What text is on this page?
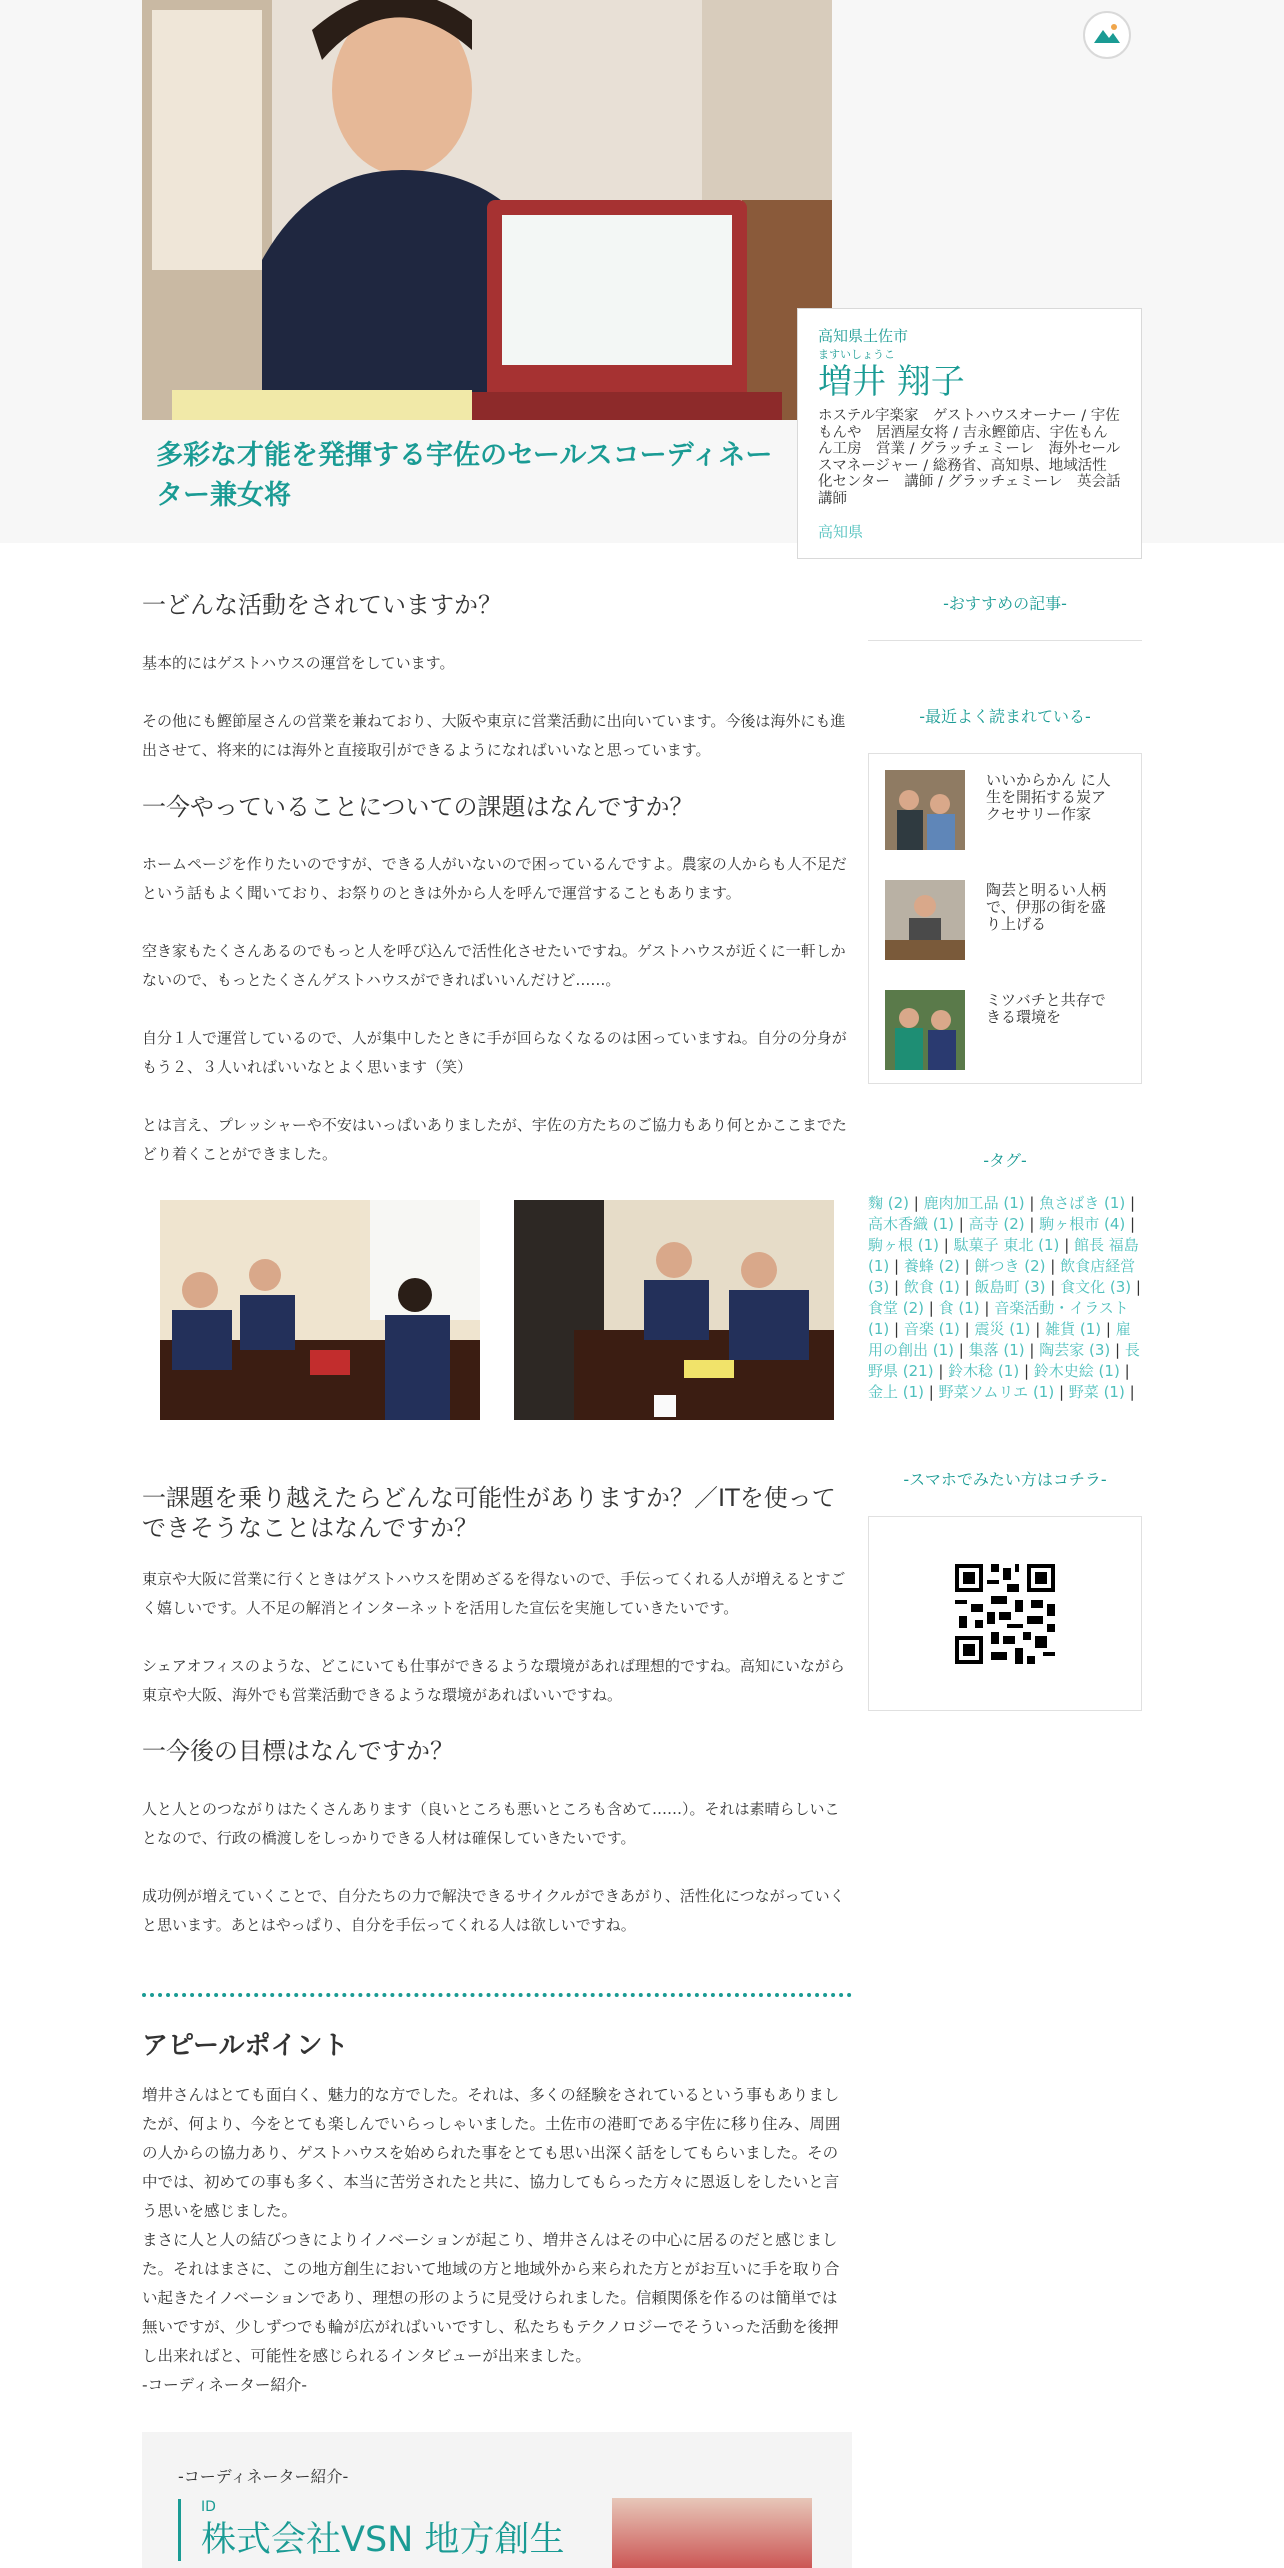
多彩な才能を発揮する宇佐のセールスコーディネーター兼女将
高知県土佐市
ますいしょうこ
増井 翔子
ホステル宇楽家　ゲストハウスオーナー / 宇佐もんや　居酒屋女将 / 吉永鰹節店、宇佐もんん工房　営業 / グラッチェミーレ　海外セールスマネージャー / 総務省、高知県、地域活性化センター　講師 / グラッチェミーレ　英会話講師
高知県
一どんな活動をされていますか？

基本的にはゲストハウスの運営をしています。

その他にも鰹節屋さんの営業を兼ねており、大阪や東京に営業活動に出向いています。今後は海外にも進出させて、将来的には海外と直接取引ができるようになればいいなと思っています。

一今やっていることについての課題はなんですか？

ホームページを作りたいのですが、できる人がいないので困っているんですよ。農家の人からも人不足だという話もよく聞いており、お祭りのときは外から人を呼んで運営することもあります。

空き家もたくさんあるのでもっと人を呼び込んで活性化させたいですね。ゲストハウスが近くに一軒しかないので、もっとたくさんゲストハウスができればいいんだけど……。

自分１人で運営しているので、人が集中したときに手が回らなくなるのは困っていますね。自分の分身がもう２、３人いればいいなとよく思います（笑）

とは言え、プレッシャーや不安はいっぱいありましたが、宇佐の方たちのご協力もあり何とかここまでたどり着くことができました。

一課題を乗り越えたらどんな可能性がありますか？／ITを使ってできそうなことはなんですか？

東京や大阪に営業に行くときはゲストハウスを閉めざるを得ないので、手伝ってくれる人が増えるとすごく嬉しいです。人不足の解消とインターネットを活用した宣伝を実施していきたいです。

シェアオフィスのような、どこにいても仕事ができるような環境があれば理想的ですね。高知にいながら東京や大阪、海外でも営業活動できるような環境があればいいですね。

一今後の目標はなんですか？

人と人とのつながりはたくさんあります（良いところも悪いところも含めて……）。それは素晴らしいことなので、行政の橋渡しをしっかりできる人材は確保していきたいです。

成功例が増えていくことで、自分たちの力で解決できるサイクルができあがり、活性化につながっていくと思います。あとはやっぱり、自分を手伝ってくれる人は欲しいですね。

アピールポイント

増井さんはとても面白く、魅力的な方でした。それは、多くの経験をされているという事もありましたが、何より、今をとても楽しんでいらっしゃいました。土佐市の港町である宇佐に移り住み、周囲の人からの協力あり、ゲストハウスを始められた事をとても思い出深く話をしてもらいました。その中では、初めての事も多く、本当に苦労されたと共に、協力してもらった方々に恩返しをしたいと言う思いを感じました。
まさに人と人の結びつきによりイノベーションが起こり、増井さんはその中心に居るのだと感じました。それはまさに、この地方創生において地域の方と地域外から来られた方とがお互いに手を取り合い起きたイノベーションであり、理想の形のように見受けられました。信頼関係を作るのは簡単では無いですが、少しずつでも輪が広がればいいですし、私たちもテクノロジーでそういった活動を後押し出来ればと、可能性を感じられるインタビューが出来ました。
-コーディネーター紹介-

-コーディネーター紹介-
ID
株式会社VSN 地方創生
-おすすめの記事-
-最近よく読まれている-
いいからかん に人生を開拓する炭アクセサリー作家
陶芸と明るい人柄で、伊那の街を盛り上げる
ミツバチと共存できる環境を
-タグ-
麴 (2) | 鹿肉加工品 (1) | 魚さばき (1) | 高木香織 (1) | 高寺 (2) | 駒ヶ根市 (4) | 駒ヶ根 (1) | 駄菓子 東北 (1) | 館長 福島 (1) | 養蜂 (2) | 餅つき (2) | 飲食店経営 (3) | 飲食 (1) | 飯島町 (3) | 食文化 (3) | 食堂 (2) | 食 (1) | 音楽活動・イラスト (1) | 音楽 (1) | 震災 (1) | 雑貨 (1) | 雇用の創出 (1) | 集落 (1) | 陶芸家 (3) | 長野県 (21) | 鈴木稔 (1) | 鈴木史絵 (1) | 金上 (1) | 野菜ソムリエ (1) | 野菜 (1) |
-スマホでみたい方はコチラ-
